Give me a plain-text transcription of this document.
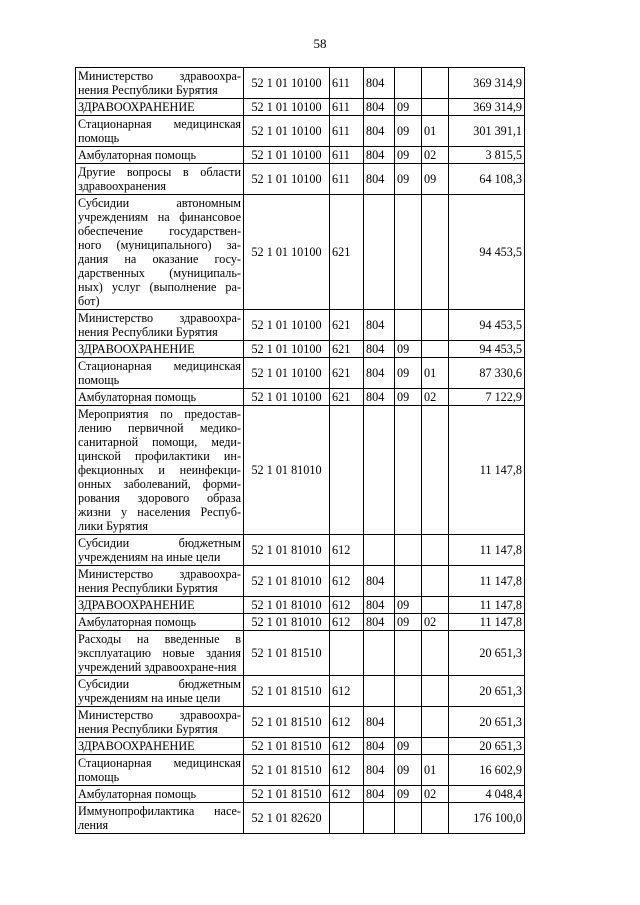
58
Министерство здравоохра-нения Республики Бурятия	52 1 01 10100	611	804			369 314,9
ЗДРАВООХРАНЕНИЕ	52 1 01 10100	611	804	09		369 314,9
Стационарная медицинская помощь	52 1 01 10100	611	804	09	01	301 391,1
Амбулаторная помощь	52 1 01 10100	611	804	09	02	3 815,5
Другие вопросы в области здравоохранения	52 1 01 10100	611	804	09	09	64 108,3
Субсидии автономным учреждениям на финансовое обеспечение государствен-ного (муниципального) за-дания на оказание госу-дарственных (муниципаль-ных) услуг (выполнение ра-бот)	52 1 01 10100	621				94 453,5
Министерство здравоохра-нения Республики Бурятия	52 1 01 10100	621	804			94 453,5
ЗДРАВООХРАНЕНИЕ	52 1 01 10100	621	804	09		94 453,5
Стационарная медицинская помощь	52 1 01 10100	621	804	09	01	87 330,6
Амбулаторная помощь	52 1 01 10100	621	804	09	02	7 122,9
Мероприятия по предостав-лению первичной медико-санитарной помощи, меди-цинской профилактики ин-фекционных и неинфекци-онных заболеваний, форми-рования здорового образа жизни у населения Респуб-лики Бурятия	52 1 01 81010					11 147,8
Субсидии бюджетным учреждениям на иные цели	52 1 01 81010	612				11 147,8
Министерство здравоохра-нения Республики Бурятия	52 1 01 81010	612	804			11 147,8
ЗДРАВООХРАНЕНИЕ	52 1 01 81010	612	804	09		11 147,8
Амбулаторная помощь	52 1 01 81010	612	804	09	02	11 147,8
Расходы на введенные в эксплуатацию новые здания учреждений здравоохране-ния	52 1 01 81510					20 651,3
Субсидии бюджетным учреждениям на иные цели	52 1 01 81510	612				20 651,3
Министерство здравоохра-нения Республики Бурятия	52 1 01 81510	612	804			20 651,3
ЗДРАВООХРАНЕНИЕ	52 1 01 81510	612	804	09		20 651,3
Стационарная медицинская помощь	52 1 01 81510	612	804	09	01	16 602,9
Амбулаторная помощь	52 1 01 81510	612	804	09	02	4 048,4
Иммунопрофилактика насе-ления	52 1 01 82620					176 100,0
